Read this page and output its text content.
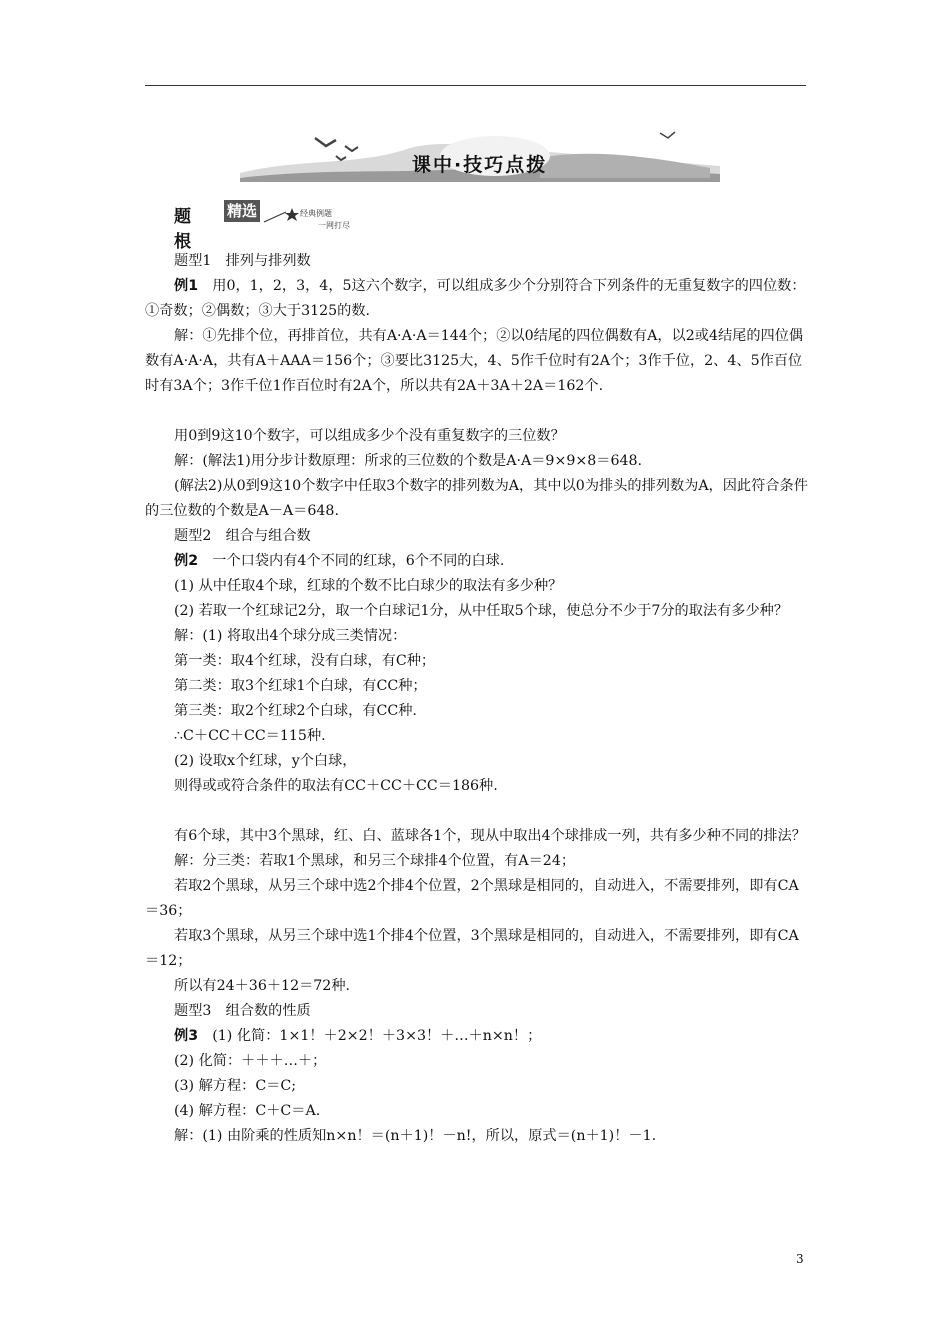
课中·技巧点拨
题根
精选	经典例题
一网打尽

题型1　排列与排列数

例1　用0，1，2，3，4，5这六个数字，可以组成多少个分别符合下列条件的无重复数字的四位数：①奇数；②偶数；③大于3125的数.

解：①先排个位，再排首位，共有A·A·A＝144个；②以0结尾的四位偶数有A，以2或4结尾的四位偶数有A·A·A，共有A＋AAA＝156个；③要比3125大，4、5作千位时有2A个；3作千位，2、4、5作百位时有3A个；3作千位1作百位时有2A个，所以共有2A＋3A＋2A＝162个.

用0到9这10个数字，可以组成多少个没有重复数字的三位数？

解：(解法1)用分步计数原理：所求的三位数的个数是A·A＝9×9×8＝648.

(解法2)从0到9这10个数字中任取3个数字的排列数为A，其中以0为排头的排列数为A，因此符合条件的三位数的个数是A－A＝648.

题型2　组合与组合数

例2　一个口袋内有4个不同的红球，6个不同的白球.

(1) 从中任取4个球，红球的个数不比白球少的取法有多少种？

(2) 若取一个红球记2分，取一个白球记1分，从中任取5个球，使总分不少于7分的取法有多少种？

解：(1) 将取出4个球分成三类情况：

第一类：取4个红球，没有白球，有C种；

第二类：取3个红球1个白球，有CC种；

第三类：取2个红球2个白球，有CC种.

∴C＋CC＋CC＝115种.

(2) 设取x个红球，y个白球，

则得或或符合条件的取法有CC＋CC＋CC＝186种.

有6个球，其中3个黑球，红、白、蓝球各1个，现从中取出4个球排成一列，共有多少种不同的排法？

解：分三类：若取1个黑球，和另三个球排4个位置，有A＝24；

若取2个黑球，从另三个球中选2个排4个位置，2个黑球是相同的，自动进入，不需要排列，即有CA＝36；

若取3个黑球，从另三个球中选1个排4个位置，3个黑球是相同的，自动进入，不需要排列，即有CA＝12；

所以有24＋36＋12＝72种.

题型3　组合数的性质

例3　(1) 化简：1×1！＋2×2！＋3×3！＋…＋n×n！；

(2) 化简：＋＋＋…＋；

(3) 解方程：C＝C;

(4) 解方程：C＋C＝A.

解：(1) 由阶乘的性质知n×n！＝(n＋1)！－n!，所以，原式＝(n＋1)！－1.

3
